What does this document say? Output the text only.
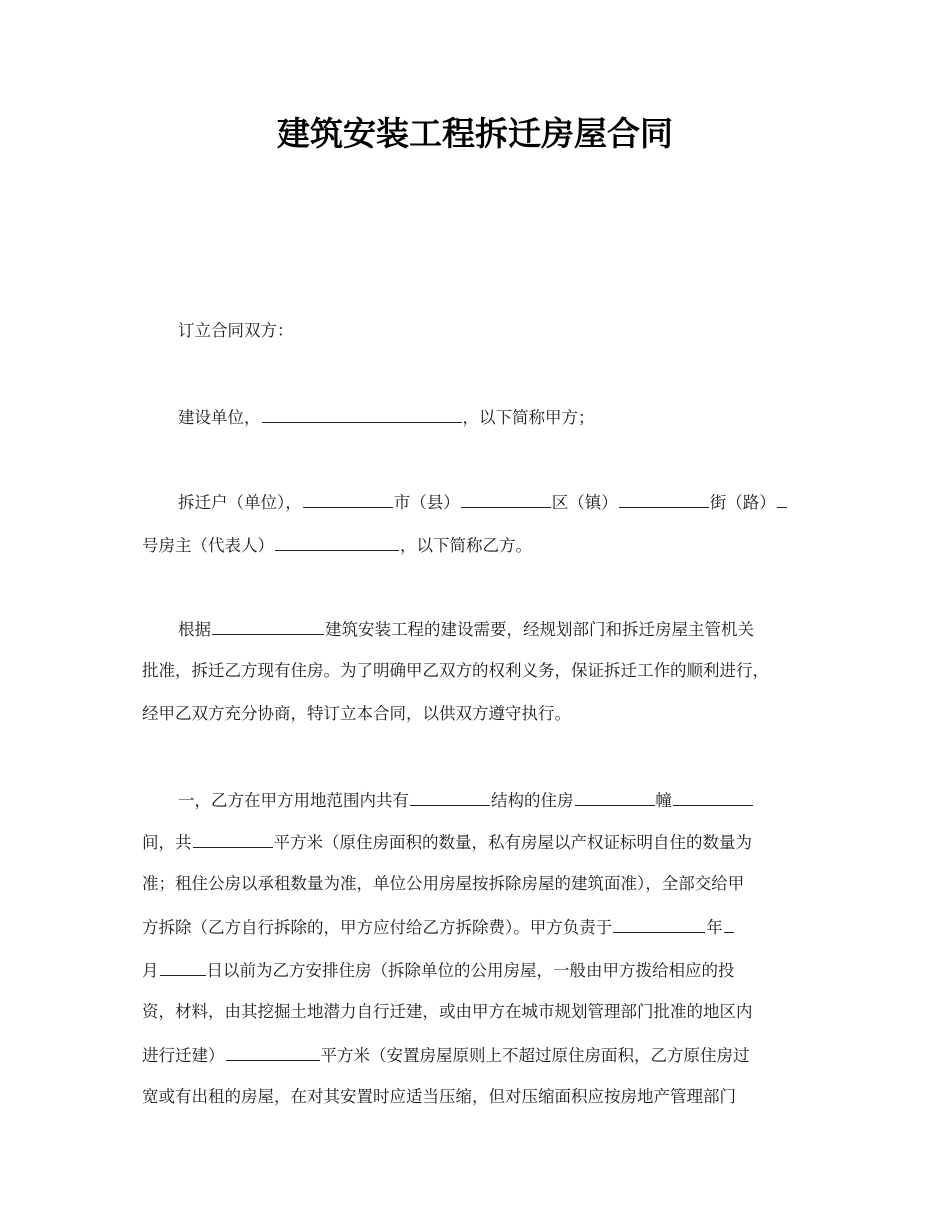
建筑安装工程拆迁房屋合同
订立合同双方：
建设单位，	，以下简称甲方；
拆迁户（单位），	市（县）	区（镇）	街（路）
号房主（代表人）	，以下简称乙方。
根据	建筑安装工程的建设需要，经规划部门和拆迁房屋主管机关
批准，拆迁乙方现有住房。为了明确甲乙双方的权利义务，保证拆迁工作的顺利进行，
经甲乙双方充分协商，特订立本合同，以供双方遵守执行。
一，乙方在甲方用地范围内共有	结构的住房	幢
间，共	平方米（原住房面积的数量，私有房屋以产权证标明自住的数量为
准；租住公房以承租数量为准，单位公用房屋按拆除房屋的建筑面准），全部交给甲
方拆除（乙方自行拆除的，甲方应付给乙方拆除费）。甲方负责于	年
月	日以前为乙方安排住房（拆除单位的公用房屋，一般由甲方拨给相应的投
资，材料，由其挖掘土地潜力自行迁建，或由甲方在城市规划管理部门批准的地区内
进行迁建）	平方米（安置房屋原则上不超过原住房面积，乙方原住房过
宽或有出租的房屋，在对其安置时应适当压缩，但对压缩面积应按房地产管理部门
